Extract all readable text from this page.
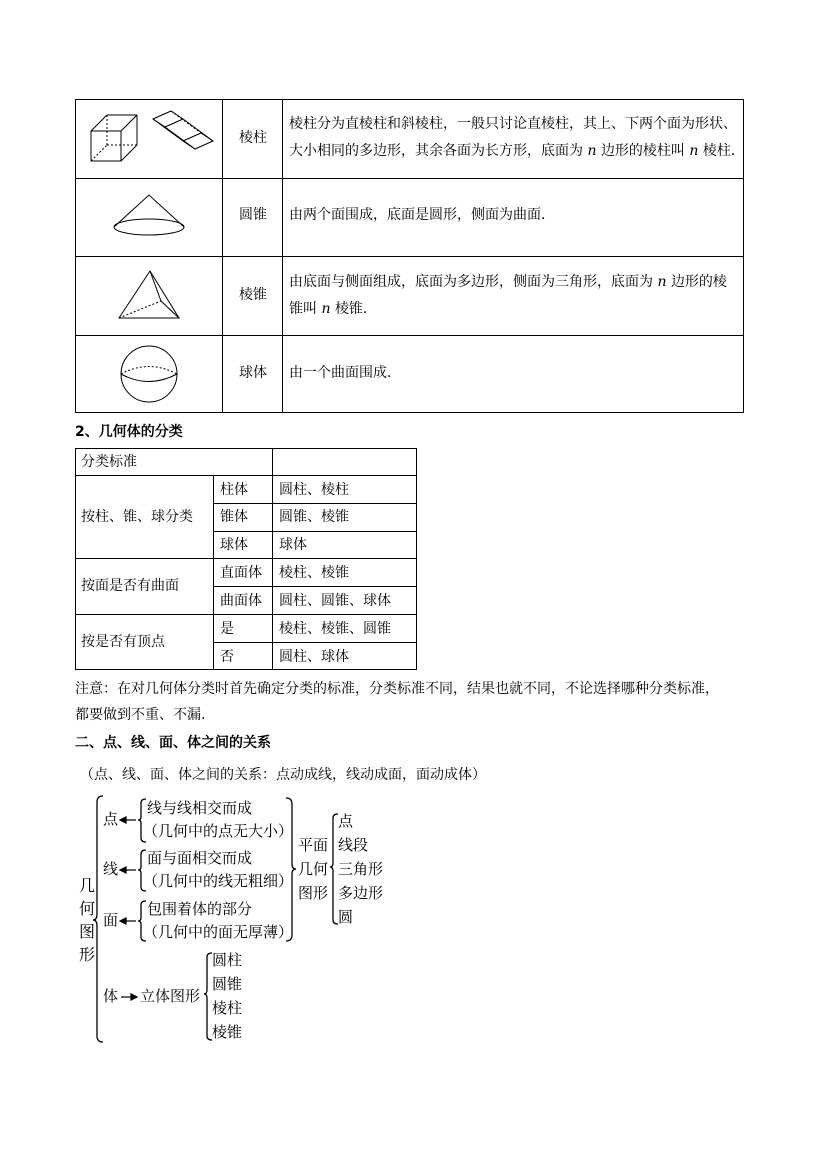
棱柱
圆锥
棱锥
球体
棱柱分为直棱柱和斜棱柱，一般只讨论直棱柱，其上、下两个面为形状、
大小相同的多边形，其余各面为长方形，底面为 n 边形的棱柱叫 n 棱柱．
由两个面围成，底面是圆形，侧面为曲面．
由底面与侧面组成，底面为多边形，侧面为三角形，底面为 n 边形的棱
锥叫 n 棱锥．
由一个曲面围成．
2、几何体的分类
分类标准
按柱、锥、球分类
柱体 圆柱、棱柱
锥体 圆锥、棱锥
球体 球体
按面是否有曲面
直面体 棱柱、棱锥
曲面体 圆柱、圆锥、球体
按是否有顶点
是	棱柱、棱锥、圆锥
否	圆柱、球体
注意：在对几何体分类时首先确定分类的标准，分类标准不同，结果也就不同，不论选择哪种分类标准，
都要做到不重、不漏.
二、点、线、面、体之间的关系
（点、线、面、体之间的关系：点动成线，线动成面，面动成体）
几
何
图
形
点
线与线相交而成
（几何中的点无大小）
线
面与面相交而成
（几何中的线无粗细）
面
包围着体的部分
（几何中的面无厚薄）
平面
几何
图形
点
线段
三角形
多边形
圆
体 立体图形
圆柱
圆锥
棱柱
棱锥
